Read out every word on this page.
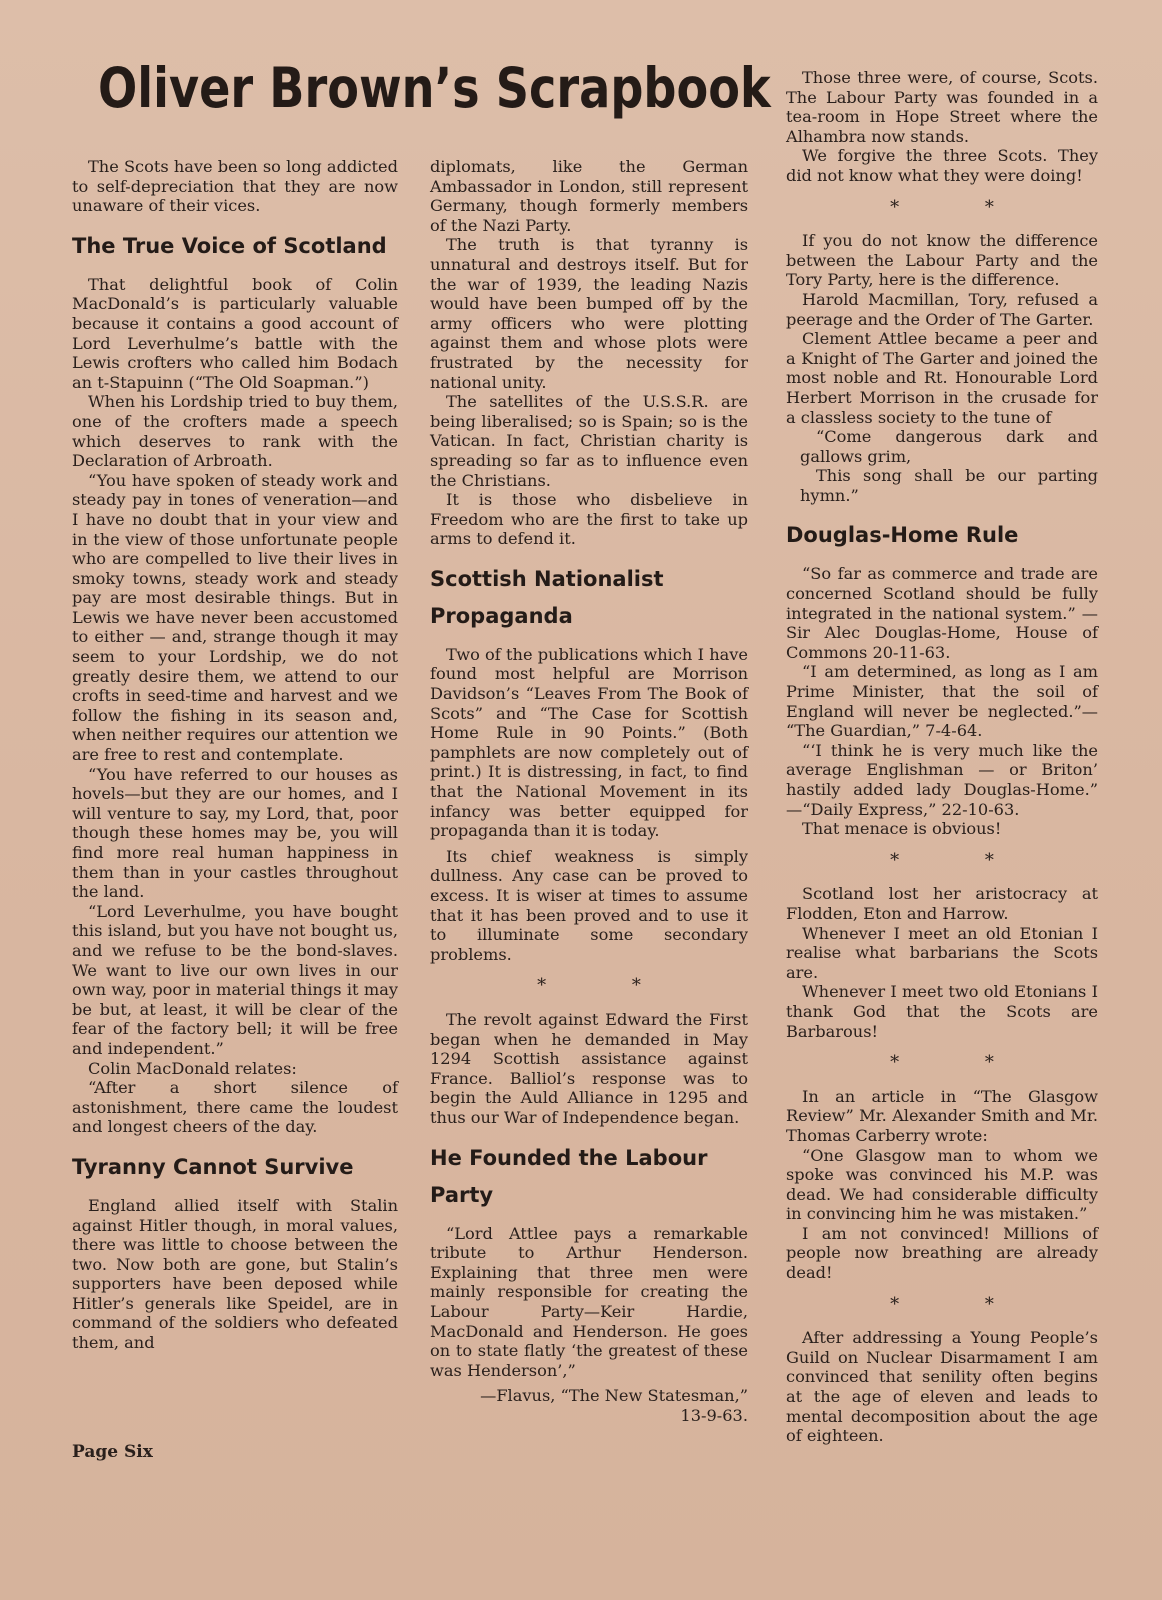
Oliver Brown’s Scrapbook

The Scots have been so long addicted to self-depreciation that they are now unaware of their vices.

The True Voice of Scotland

That delightful book of Colin MacDonald’s is particularly valuable because it contains a good account of Lord Leverhulme’s battle with the Lewis crofters who called him Bodach an t-Stapuinn (“The Old Soapman.”)

When his Lordship tried to buy them, one of the crofters made a speech which deserves to rank with the Declaration of Arbroath.

“You have spoken of steady work and steady pay in tones of veneration—and I have no doubt that in your view and in the view of those unfortunate people who are compelled to live their lives in smoky towns, steady work and steady pay are most desirable things. But in Lewis we have never been accustomed to either — and, strange though it may seem to your Lordship, we do not greatly desire them, we attend to our crofts in seed-time and harvest and we follow the fishing in its season and, when neither requires our attention we are free to rest and contemplate.

“You have referred to our houses as hovels—but they are our homes, and I will venture to say, my Lord, that, poor though these homes may be, you will find more real human happiness in them than in your castles throughout the land.

“Lord Leverhulme, you have bought this island, but you have not bought us, and we refuse to be the bond-slaves. We want to live our own lives in our own way, poor in material things it may be but, at least, it will be clear of the fear of the factory bell; it will be free and independent.”

Colin MacDonald relates:

“After a short silence of astonishment, there came the loudest and longest cheers of the day.

Tyranny Cannot Survive

England allied itself with Stalin against Hitler though, in moral values, there was little to choose between the two. Now both are gone, but Stalin’s supporters have been deposed while Hitler’s generals like Speidel, are in command of the soldiers who defeated them, and

diplomats, like the German Ambassador in London, still represent Germany, though formerly members of the Nazi Party.

The truth is that tyranny is unnatural and destroys itself. But for the war of 1939, the leading Nazis would have been bumped off by the army officers who were plotting against them and whose plots were frustrated by the necessity for national unity.

The satellites of the U.S.S.R. are being liberalised; so is Spain; so is the Vatican. In fact, Christian charity is spreading so far as to influence even the Christians.

It is those who disbelieve in Freedom who are the first to take up arms to defend it.

Scottish Nationalist Propaganda

Two of the publications which I have found most helpful are Morrison Davidson’s “Leaves From The Book of Scots” and “The Case for Scottish Home Rule in 90 Points.” (Both pamphlets are now completely out of print.) It is distressing, in fact, to find that the National Movement in its infancy was better equipped for propaganda than it is today.

Its chief weakness is simply dullness. Any case can be proved to excess. It is wiser at times to assume that it has been proved and to use it to illuminate some secondary problems.

* *

The revolt against Edward the First began when he demanded in May 1294 Scottish assistance against France. Balliol’s response was to begin the Auld Alliance in 1295 and thus our War of Independence began.

He Founded the Labour Party

“Lord Attlee pays a remarkable tribute to Arthur Henderson. Explaining that three men were mainly responsible for creating the Labour Party—Keir Hardie, MacDonald and Henderson. He goes on to state flatly ‘the greatest of these was Henderson’,”

—Flavus, “The New Statesman,”

13-9-63.

Those three were, of course, Scots. The Labour Party was founded in a tea-room in Hope Street where the Alhambra now stands.

We forgive the three Scots. They did not know what they were doing!

* *

If you do not know the difference between the Labour Party and the Tory Party, here is the difference.

Harold Macmillan, Tory, refused a peerage and the Order of The Garter.

Clement Attlee became a peer and a Knight of The Garter and joined the most noble and Rt. Honourable Lord Herbert Morrison in the crusade for a classless society to the tune of

“Come dangerous dark and gallows grim,

This song shall be our parting hymn.”

Douglas-Home Rule

“So far as commerce and trade are concerned Scotland should be fully integrated in the national system.” — Sir Alec Douglas-Home, House of Commons 20-11-63.

“I am determined, as long as I am Prime Minister, that the soil of England will never be neglected.”— “The Guardian,” 7-4-64.

“‘I think he is very much like the average Englishman — or Briton’ hastily added lady Douglas-Home.” —“Daily Express,” 22-10-63.

That menace is obvious!

* *

Scotland lost her aristocracy at Flodden, Eton and Harrow.

Whenever I meet an old Etonian I realise what barbarians the Scots are.

Whenever I meet two old Etonians I thank God that the Scots are Barbarous!

* *

In an article in “The Glasgow Review” Mr. Alexander Smith and Mr. Thomas Carberry wrote:

“One Glasgow man to whom we spoke was convinced his M.P. was dead. We had considerable difficulty in convincing him he was mistaken.”

I am not convinced! Millions of people now breathing are already dead!

* *

After addressing a Young People’s Guild on Nuclear Disarmament I am convinced that senility often begins at the age of eleven and leads to mental decomposition about the age of eighteen.

Page Six
